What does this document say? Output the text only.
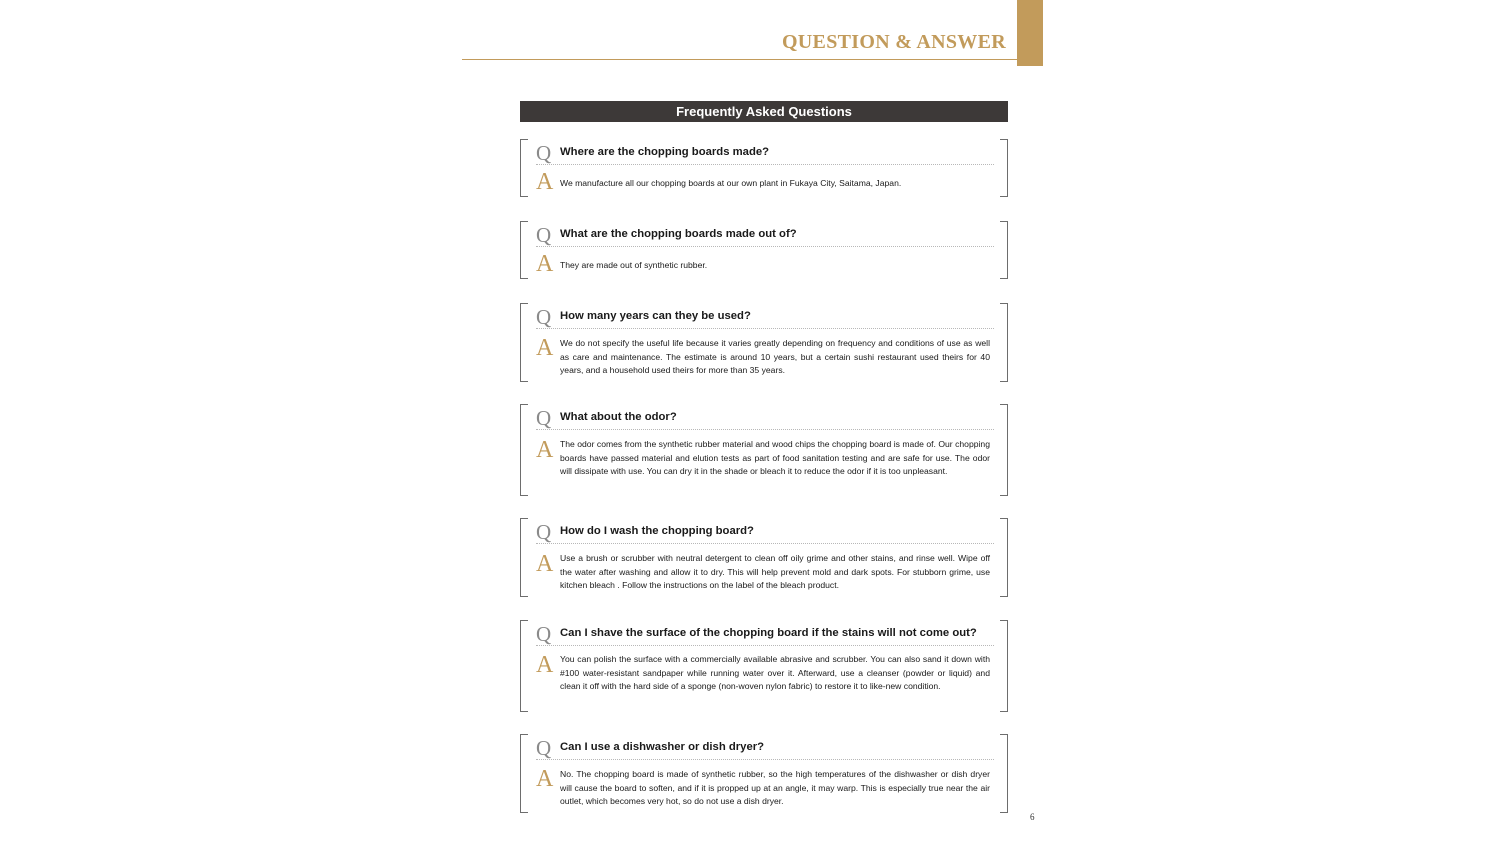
QUESTION & ANSWER
Frequently Asked Questions
Q Where are the chopping boards made?
A We manufacture all our chopping boards at our own plant in Fukaya City, Saitama, Japan.

Q What are the chopping boards made out of?
A They are made out of synthetic rubber.

Q How many years can they be used?
A We do not specify the useful life because it varies greatly depending on frequency and conditions of use as well as care and maintenance. The estimate is around 10 years, but a certain sushi restaurant used theirs for 40 years, and a household used theirs for more than 35 years.

Q What about the odor?
A The odor comes from the synthetic rubber material and wood chips the chopping board is made of. Our chopping boards have passed material and elution tests as part of food sanitation testing and are safe for use. The odor will dissipate with use. You can dry it in the shade or bleach it to reduce the odor if it is too unpleasant.

Q How do I wash the chopping board?
A Use a brush or scrubber with neutral detergent to clean off oily grime and other stains, and rinse well. Wipe off the water after washing and allow it to dry. This will help prevent mold and dark spots. For stubborn grime, use kitchen bleach . Follow the instructions on the label of the bleach product.

Q Can I shave the surface of the chopping board if the stains will not come out?
A You can polish the surface with a commercially available abrasive and scrubber. You can also sand it down with #100 water-resistant sandpaper while running water over it. Afterward, use a cleanser (powder or liquid) and clean it off with the hard side of a sponge (non-woven nylon fabric) to restore it to like-new condition.

Q Can I use a dishwasher or dish dryer?
A No. The chopping board is made of synthetic rubber, so the high temperatures of the dishwasher or dish dryer will cause the board to soften, and if it is propped up at an angle, it may warp. This is especially true near the air outlet, which becomes very hot, so do not use a dish dryer.

6
